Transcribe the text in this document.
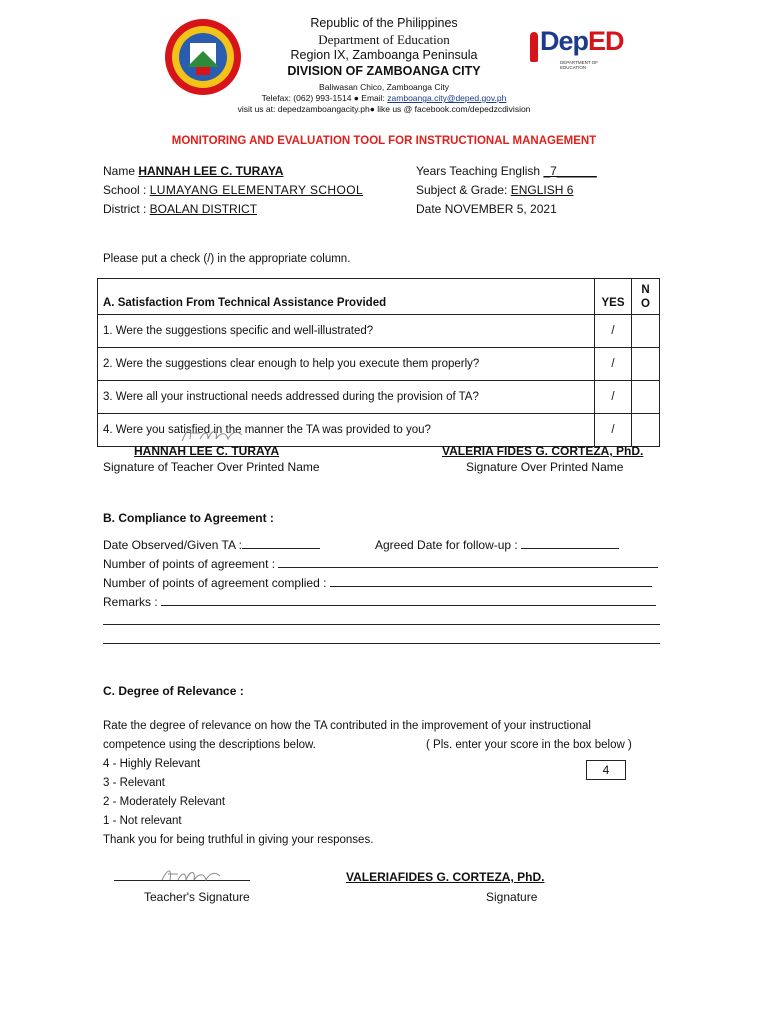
Republic of the Philippines
Department of Education
Region IX, Zamboanga Peninsula
DIVISION OF ZAMBOANGA CITY
Baliwasan Chico, Zamboanga City
Telefax: (062) 993-1514 ● Email: zamboanga.city@deped.gov.ph
visit us at: depedzamboangacity.ph● like us @ facebook.com/depedzcdivision
DepED
DEPARTMENT OF EDUCATION
MONITORING AND EVALUATION TOOL FOR INSTRUCTIONAL MANAGEMENT
Name HANNAH LEE C. TURAYA
School : LUMAYANG ELEMENTARY SCHOOL
District : BOALAN DISTRICT
Years Teaching English _7______
Subject & Grade: ENGLISH 6
Date NOVEMBER 5, 2021
Please put a check (/) in the appropriate column.
A. Satisfaction From Technical Assistance Provided	YES	N
O
1. Were the suggestions specific and well-illustrated?	/	
2. Were the suggestions clear enough to help you execute them properly?	/	
3. Were all your instructional needs addressed during the provision of TA?	/	
4. Were you satisfied in the manner the TA was provided to you?	/	
HANNAH LEE C. TURAYA
Signature of Teacher Over Printed Name
VALERIA FIDES G. CORTEZA, PhD.
Signature Over Printed Name
B. Compliance to Agreement :
Date Observed/Given TA :	Agreed Date for follow-up :
Number of points of agreement :
Number of points of agreement complied :
Remarks :
C. Degree of Relevance :
Rate the degree of relevance on how the TA contributed in the improvement of your instructional
competence using the descriptions below.	( Pls. enter your score in the box below )
4 - Highly Relevant
3 - Relevant
2 - Moderately Relevant
1 - Not relevant
4
Thank you for being truthful in giving your responses.
VALERIAFIDES G. CORTEZA, PhD.
Teacher's Signature	Signature
